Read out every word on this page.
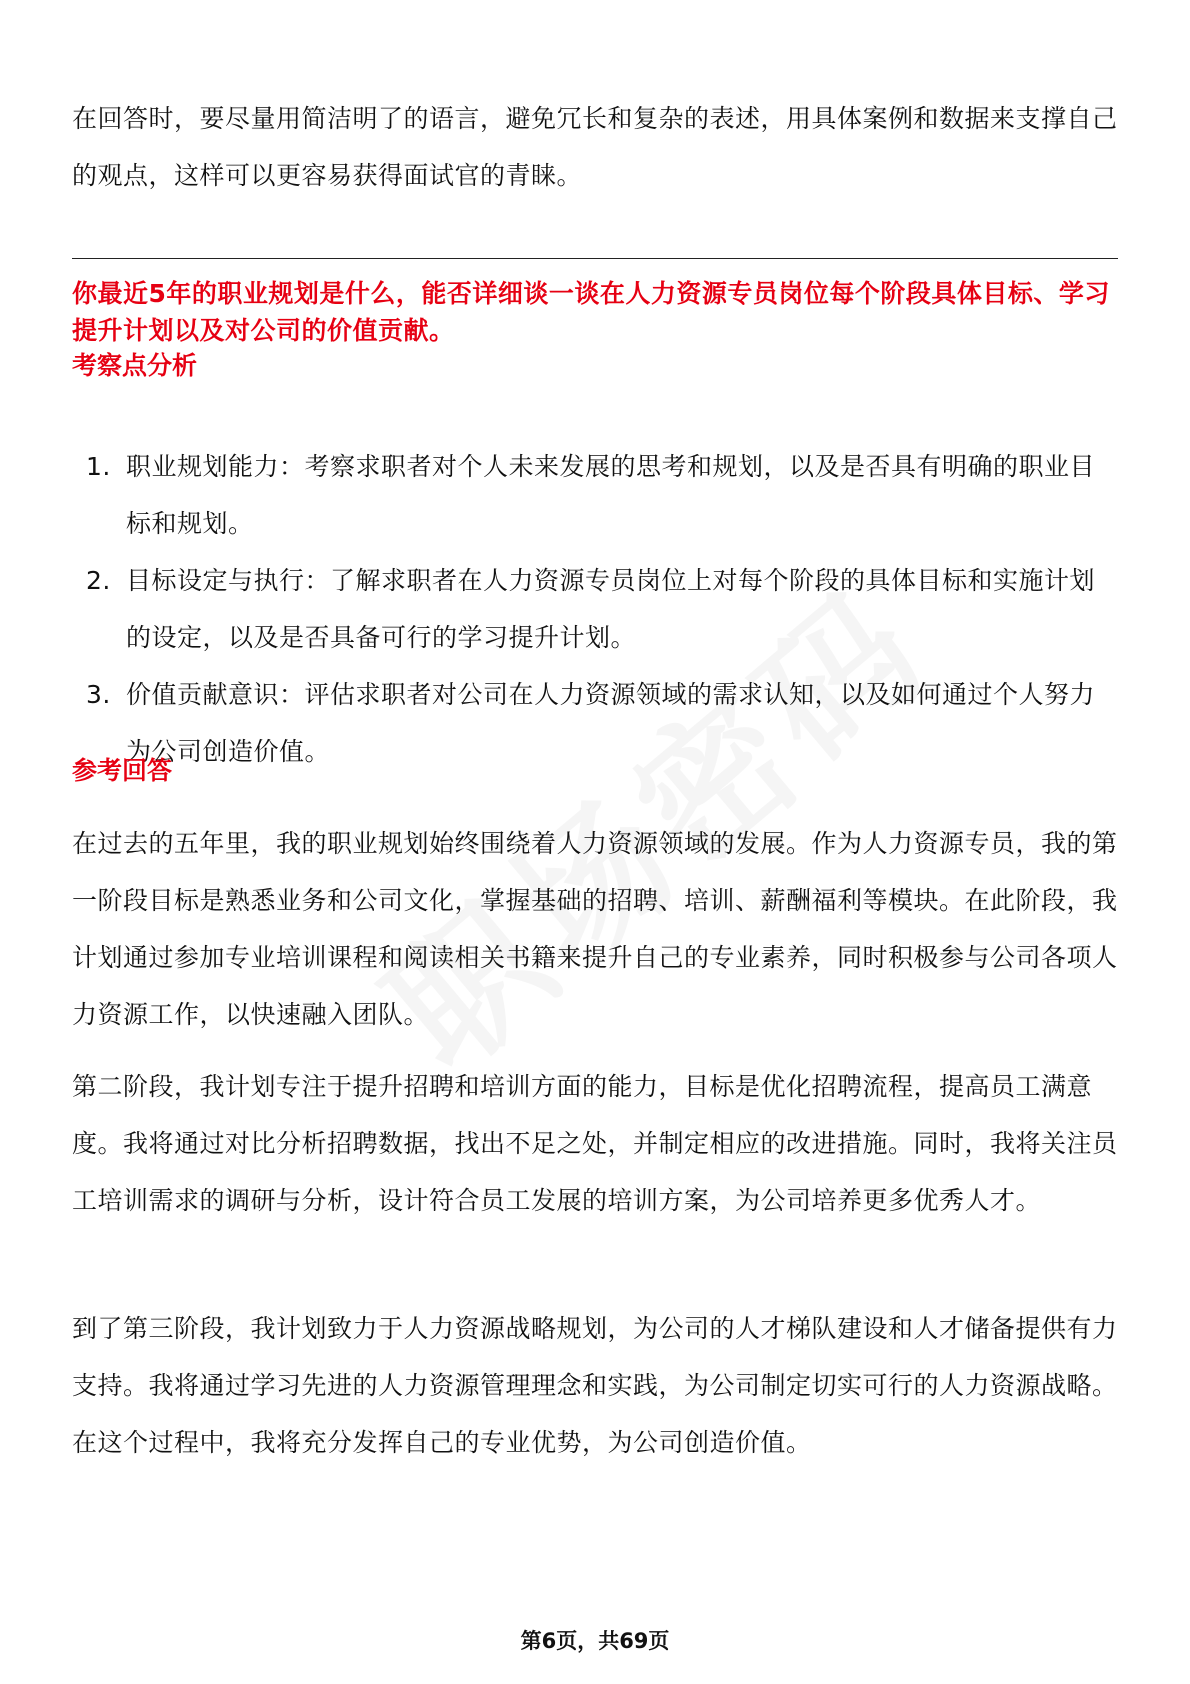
在回答时，要尽量用简洁明了的语言，避免冗长和复杂的表述，用具体案例和数据来支撑自己的观点，这样可以更容易获得面试官的青睐。

你最近5年的职业规划是什么，能否详细谈一谈在人力资源专员岗位每个阶段具体目标、学习提升计划以及对公司的价值贡献。

考察点分析

1. 职业规划能力：考察求职者对个人未来发展的思考和规划，以及是否具有明确的职业目标和规划。
2. 目标设定与执行：了解求职者在人力资源专员岗位上对每个阶段的具体目标和实施计划的设定，以及是否具备可行的学习提升计划。
3. 价值贡献意识：评估求职者对公司在人力资源领域的需求认知，以及如何通过个人努力为公司创造价值。

参考回答

在过去的五年里，我的职业规划始终围绕着人力资源领域的发展。作为人力资源专员，我的第一阶段目标是熟悉业务和公司文化，掌握基础的招聘、培训、薪酬福利等模块。在此阶段，我计划通过参加专业培训课程和阅读相关书籍来提升自己的专业素养，同时积极参与公司各项人力资源工作，以快速融入团队。

第二阶段，我计划专注于提升招聘和培训方面的能力，目标是优化招聘流程，提高员工满意度。我将通过对比分析招聘数据，找出不足之处，并制定相应的改进措施。同时，我将关注员工培训需求的调研与分析，设计符合员工发展的培训方案，为公司培养更多优秀人才。

到了第三阶段，我计划致力于人力资源战略规划，为公司的人才梯队建设和人才储备提供有力支持。我将通过学习先进的人力资源管理理念和实践，为公司制定切实可行的人力资源战略。在这个过程中，我将充分发挥自己的专业优势，为公司创造价值。

第6页，共69页
